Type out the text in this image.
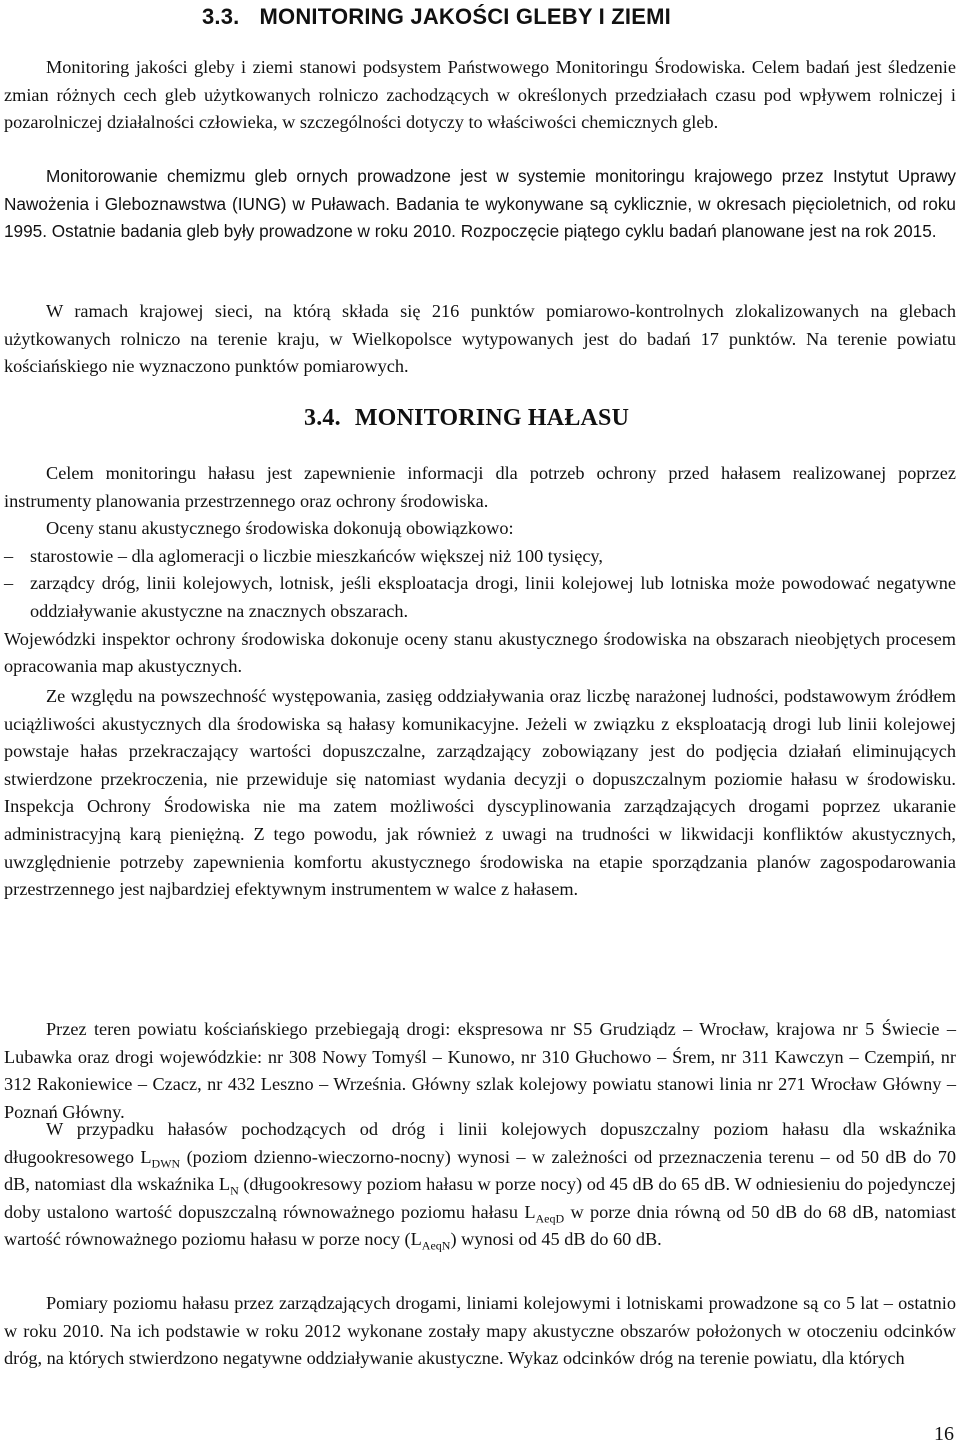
3.3. MONITORING JAKOŚCI GLEBY I ZIEMI

Monitoring jakości gleby i ziemi stanowi podsystem Państwowego Monitoringu Środowiska. Celem badań jest śledzenie zmian różnych cech gleb użytkowanych rolniczo zachodzących w określonych przedziałach czasu pod wpływem rolniczej i pozarolniczej działalności człowieka, w szczególności dotyczy to właściwości chemicznych gleb.

Monitorowanie chemizmu gleb ornych prowadzone jest w systemie monitoringu krajowego przez Instytut Uprawy Nawożenia i Gleboznawstwa (IUNG) w Puławach. Badania te wykonywane są cyklicznie, w okresach pięcioletnich, od roku 1995. Ostatnie badania gleb były prowadzone w roku 2010. Rozpoczęcie piątego cyklu badań planowane jest na rok 2015.

W ramach krajowej sieci, na którą składa się 216 punktów pomiarowo-kontrolnych zlokalizowanych na glebach użytkowanych rolniczo na terenie kraju, w Wielkopolsce wytypowanych jest do badań 17 punktów. Na terenie powiatu kościańskiego nie wyznaczono punktów pomiarowych.

3.4. MONITORING HAŁASU

Celem monitoringu hałasu jest zapewnienie informacji dla potrzeb ochrony przed hałasem realizowanej poprzez instrumenty planowania przestrzennego oraz ochrony środowiska.

Oceny stanu akustycznego środowiska dokonują obowiązkowo:

– starostowie – dla aglomeracji o liczbie mieszkańców większej niż 100 tysięcy,
– zarządcy dróg, linii kolejowych, lotnisk, jeśli eksploatacja drogi, linii kolejowej lub lotniska może powodować negatywne oddziaływanie akustyczne na znacznych obszarach.

Wojewódzki inspektor ochrony środowiska dokonuje oceny stanu akustycznego środowiska na obszarach nieobjętych procesem opracowania map akustycznych.

Ze względu na powszechność występowania, zasięg oddziaływania oraz liczbę narażonej ludności, podstawowym źródłem uciążliwości akustycznych dla środowiska są hałasy komunikacyjne. Jeżeli w związku z eksploatacją drogi lub linii kolejowej powstaje hałas przekraczający wartości dopuszczalne, zarządzający zobowiązany jest do podjęcia działań eliminujących stwierdzone przekroczenia, nie przewiduje się natomiast wydania decyzji o dopuszczalnym poziomie hałasu w środowisku. Inspekcja Ochrony Środowiska nie ma zatem możliwości dyscyplinowania zarządzających drogami poprzez ukaranie administracyjną karą pieniężną. Z tego powodu, jak również z uwagi na trudności w likwidacji konfliktów akustycznych, uwzględnienie potrzeby zapewnienia komfortu akustycznego środowiska na etapie sporządzania planów zagospodarowania przestrzennego jest najbardziej efektywnym instrumentem w walce z hałasem.

Przez teren powiatu kościańskiego przebiegają drogi: ekspresowa nr S5 Grudziądz – Wrocław, krajowa nr 5 Świecie – Lubawka oraz drogi wojewódzkie: nr 308 Nowy Tomyśl – Kunowo, nr 310 Głuchowo – Śrem, nr 311 Kawczyn – Czempiń, nr 312 Rakoniewice – Czacz, nr 432 Leszno – Września. Główny szlak kolejowy powiatu stanowi linia nr 271 Wrocław Główny – Poznań Główny.

W przypadku hałasów pochodzących od dróg i linii kolejowych dopuszczalny poziom hałasu dla wskaźnika długookresowego $L_{DWN}$ (poziom dzienno-wieczorno-nocny) wynosi – w zależności od przeznaczenia terenu – od 50 dB do 70 dB, natomiast dla wskaźnika $L_N$ (długookresowy poziom hałasu w porze nocy) od 45 dB do 65 dB. W odniesieniu do pojedynczej doby ustalono wartość dopuszczalną równoważnego poziomu hałasu $L_{AeqD}$ w porze dnia równą od 50 dB do 68 dB, natomiast wartość równoważnego poziomu hałasu w porze nocy $(L_{AeqN})$ wynosi od 45 dB do 60 dB.

Pomiary poziomu hałasu przez zarządzających drogami, liniami kolejowymi i lotniskami prowadzone są co 5 lat – ostatnio w roku 2010. Na ich podstawie w roku 2012 wykonane zostały mapy akustyczne obszarów położonych w otoczeniu odcinków dróg, na których stwierdzono negatywne oddziaływanie akustyczne. Wykaz odcinków dróg na terenie powiatu, dla których

16
